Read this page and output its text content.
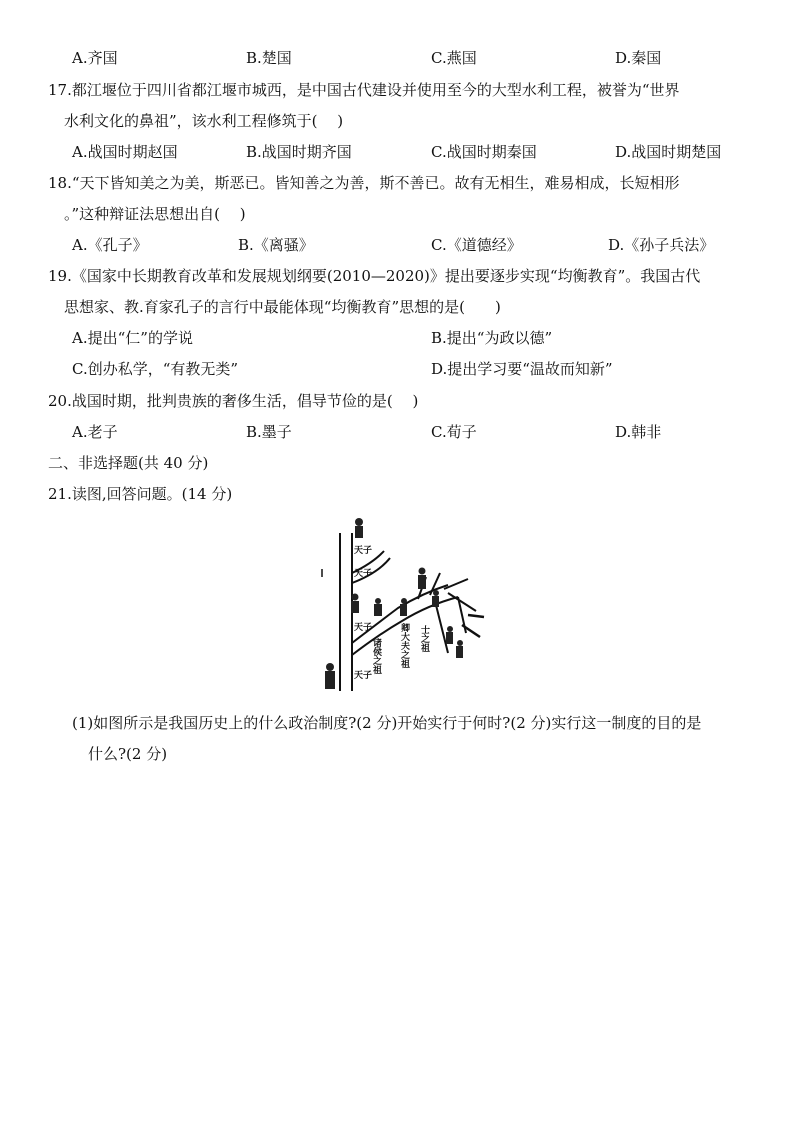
A.齐国	B.楚国	C.燕国	D.秦国
17.都江堰位于四川省都江堰市城西，是中国古代建设并使用至今的大型水利工程，被誉为“世界
水利文化的鼻祖”，该水利工程修筑于(　 )
A.战国时期赵国	B.战国时期齐国	C.战国时期秦国	D.战国时期楚国
18.“天下皆知美之为美，斯恶已。皆知善之为善，斯不善已。故有无相生，难易相成，长短相形
。”这种辩证法思想出自(　 )
A.《孔子》	B.《离骚》	C.《道德经》	D.《孙子兵法》
19.《国家中长期教育改革和发展规划纲要(2010—2020)》提出要逐步实现“均衡教育”。我国古代
思想家、教.育家孔子的言行中最能体现“均衡教育”思想的是(　　)
A.提出“仁”的学说	B.提出“为政以德”
C.创办私学，“有教无类”	D.提出学习要“温故而知新”
20.战国时期，批判贵族的奢侈生活，倡导节俭的是(　 )
A.老子	B.墨子	C.荀子	D.韩非
二、非选择题(共 40 分)
21.读图,回答问题。(14 分)
天子
天子
天子
天子
诸侯之祖 卿大夫之祖 士之祖
(1)如图所示是我国历史上的什么政治制度?(2 分)开始实行于何时?(2 分)实行这一制度的目的是
什么?(2 分)
